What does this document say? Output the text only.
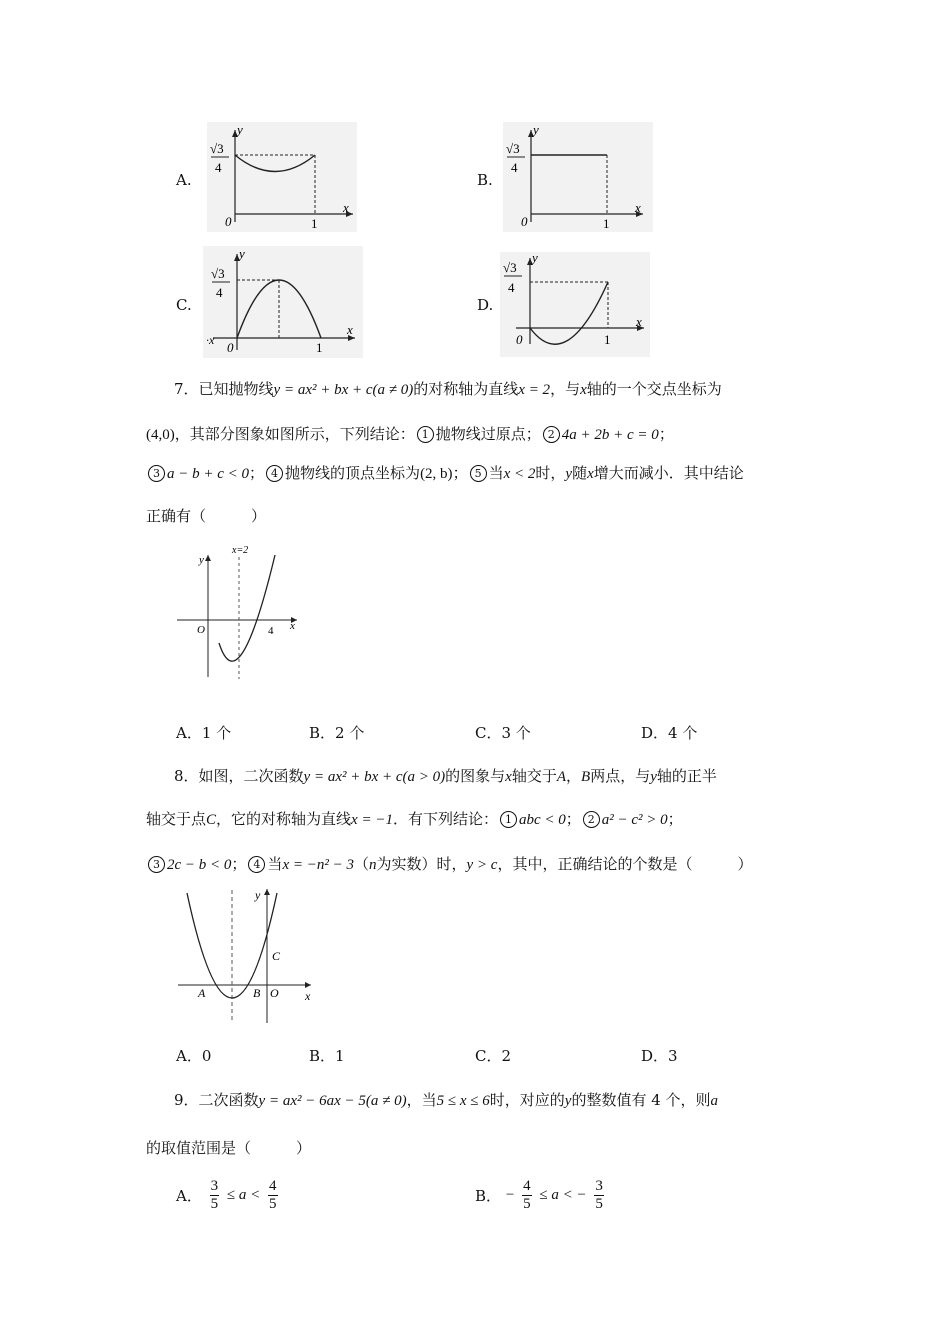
A.
√3
4
0	1
x
y
B.
√3
4
0	1
x
y
C.
√3
4
0	1
·x
x
y
D.
√3
4
0	1
x
y
7．已知抛物线y = ax² + bx + c(a ≠ 0)的对称轴为直线x = 2，与x轴的一个交点坐标为
(4,0)，其部分图象如图所示，下列结论： 1 抛物线过原点； 2 4a + 2b + c = 0；
3 a − b + c < 0； 4 抛物线的顶点坐标为(2, b)； 5 当x < 2时，y随x增大而减小．其中结论
正确有（　　　）
y
x
O	4
x=2
A．1 个	B．2 个	C．3 个	D．4 个
8．如图，二次函数y = ax² + bx + c(a > 0)的图象与x轴交于A，B两点，与y轴的正半
轴交于点C，它的对称轴为直线x = −1．有下列结论： 1 abc < 0； 2 a² − c² > 0；
3 2c − b < 0； 4 当x = −n² − 3（n为实数）时，y > c，其中，正确结论的个数是（　　　）
y
x
A	B O
C
A．0	B．1	C．2	D．3
9．二次函数y = ax² − 6ax − 5(a ≠ 0)，当5 ≤ x ≤ 6时，对应的y的整数值有 4 个，则a
的取值范围是（　　　）
A． $\frac{3}{5} \le a < \frac{4}{5}$	B． − $\frac{4}{5} \le a$ < − $\frac{3}{5}$
